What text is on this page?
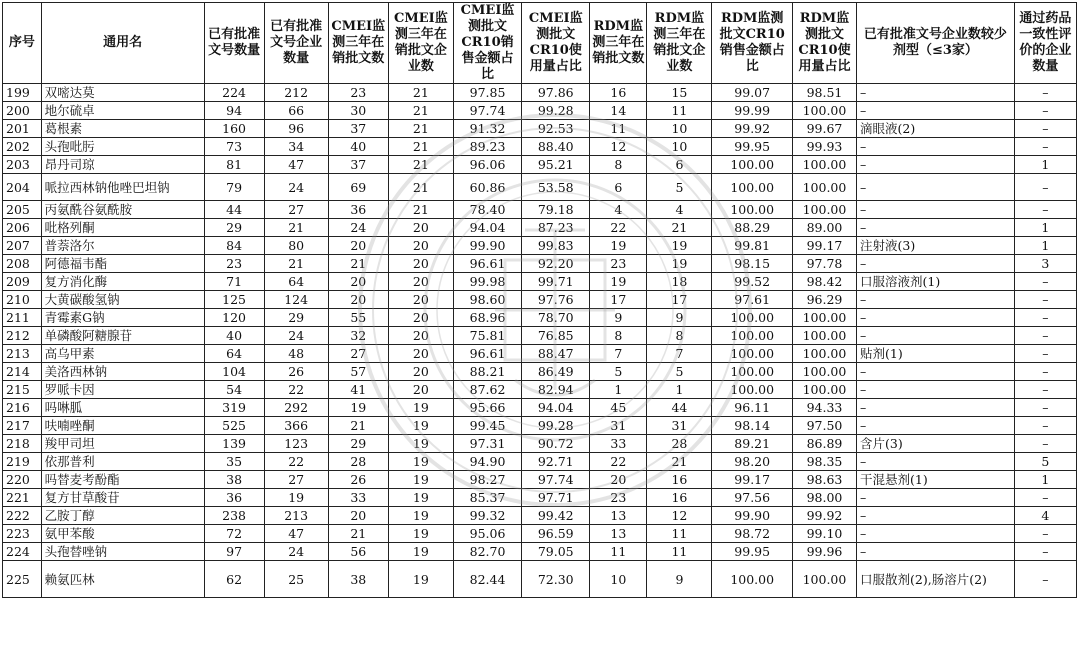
序号	通用名	已有批准文号数量	已有批准文号企业数量	CMEI监测三年在销批文数	CMEI监测三年在销批文企业数	CMEI监测批文CR10销售金额占比	CMEI监测批文CR10使用量占比	RDM监测三年在销批文数	RDM监测三年在销批文企业数	RDM监测批文CR10销售金额占比	RDM监测批文CR10使用量占比	已有批准文号企业数较少剂型（≤3家）	通过药品一致性评价的企业数量
199	双嘧达莫	224	212	23	21	97.85	97.86	16	15	99.07	98.51	–	–
200	地尔硫卓	94	66	30	21	97.74	99.28	14	11	99.99	100.00	–	–
201	葛根素	160	96	37	21	91.32	92.53	11	10	99.92	99.67	滴眼液(2)	–
202	头孢吡肟	73	34	40	21	89.23	88.40	12	10	99.95	99.93	–	–
203	昂丹司琼	81	47	37	21	96.06	95.21	8	6	100.00	100.00	–	1
204	哌拉西林钠他唑巴坦钠	79	24	69	21	60.86	53.58	6	5	100.00	100.00	–	–
205	丙氨酰谷氨酰胺	44	27	36	21	78.40	79.18	4	4	100.00	100.00	–	–
206	吡格列酮	29	21	24	20	94.04	87.23	22	21	88.29	89.00	–	1
207	普萘洛尔	84	80	20	20	99.90	99.83	19	19	99.81	99.17	注射液(3)	1
208	阿德福韦酯	23	21	21	20	96.61	92.20	23	19	98.15	97.78	–	3
209	复方消化酶	71	64	20	20	99.98	99.71	19	18	99.52	98.42	口服溶液剂(1)	–
210	大黄碳酸氢钠	125	124	20	20	98.60	97.76	17	17	97.61	96.29	–	–
211	青霉素G钠	120	29	55	20	68.96	78.70	9	9	100.00	100.00	–	–
212	单磷酸阿糖腺苷	40	24	32	20	75.81	76.85	8	8	100.00	100.00	–	–
213	高乌甲素	64	48	27	20	96.61	88.47	7	7	100.00	100.00	贴剂(1)	–
214	美洛西林钠	104	26	57	20	88.21	86.49	5	5	100.00	100.00	–	–
215	罗哌卡因	54	22	41	20	87.62	82.94	1	1	100.00	100.00	–	–
216	吗啉胍	319	292	19	19	95.66	94.04	45	44	96.11	94.33	–	–
217	呋喃唑酮	525	366	21	19	99.45	99.28	31	31	98.14	97.50	–	–
218	羧甲司坦	139	123	29	19	97.31	90.72	33	28	89.21	86.89	含片(3)	–
219	依那普利	35	22	28	19	94.90	92.71	22	21	98.20	98.35	–	5
220	吗替麦考酚酯	38	27	26	19	98.27	97.74	20	16	99.17	98.63	干混悬剂(1)	1
221	复方甘草酸苷	36	19	33	19	85.37	97.71	23	16	97.56	98.00	–	–
222	乙胺丁醇	238	213	20	19	99.32	99.42	13	12	99.90	99.92	–	4
223	氨甲苯酸	72	47	21	19	95.06	96.59	13	11	98.72	99.10	–	–
224	头孢替唑钠	97	24	56	19	82.70	79.05	11	11	99.95	99.96	–	–
225	赖氨匹林	62	25	38	19	82.44	72.30	10	9	100.00	100.00	口服散剂(2),肠溶片(2)	–
